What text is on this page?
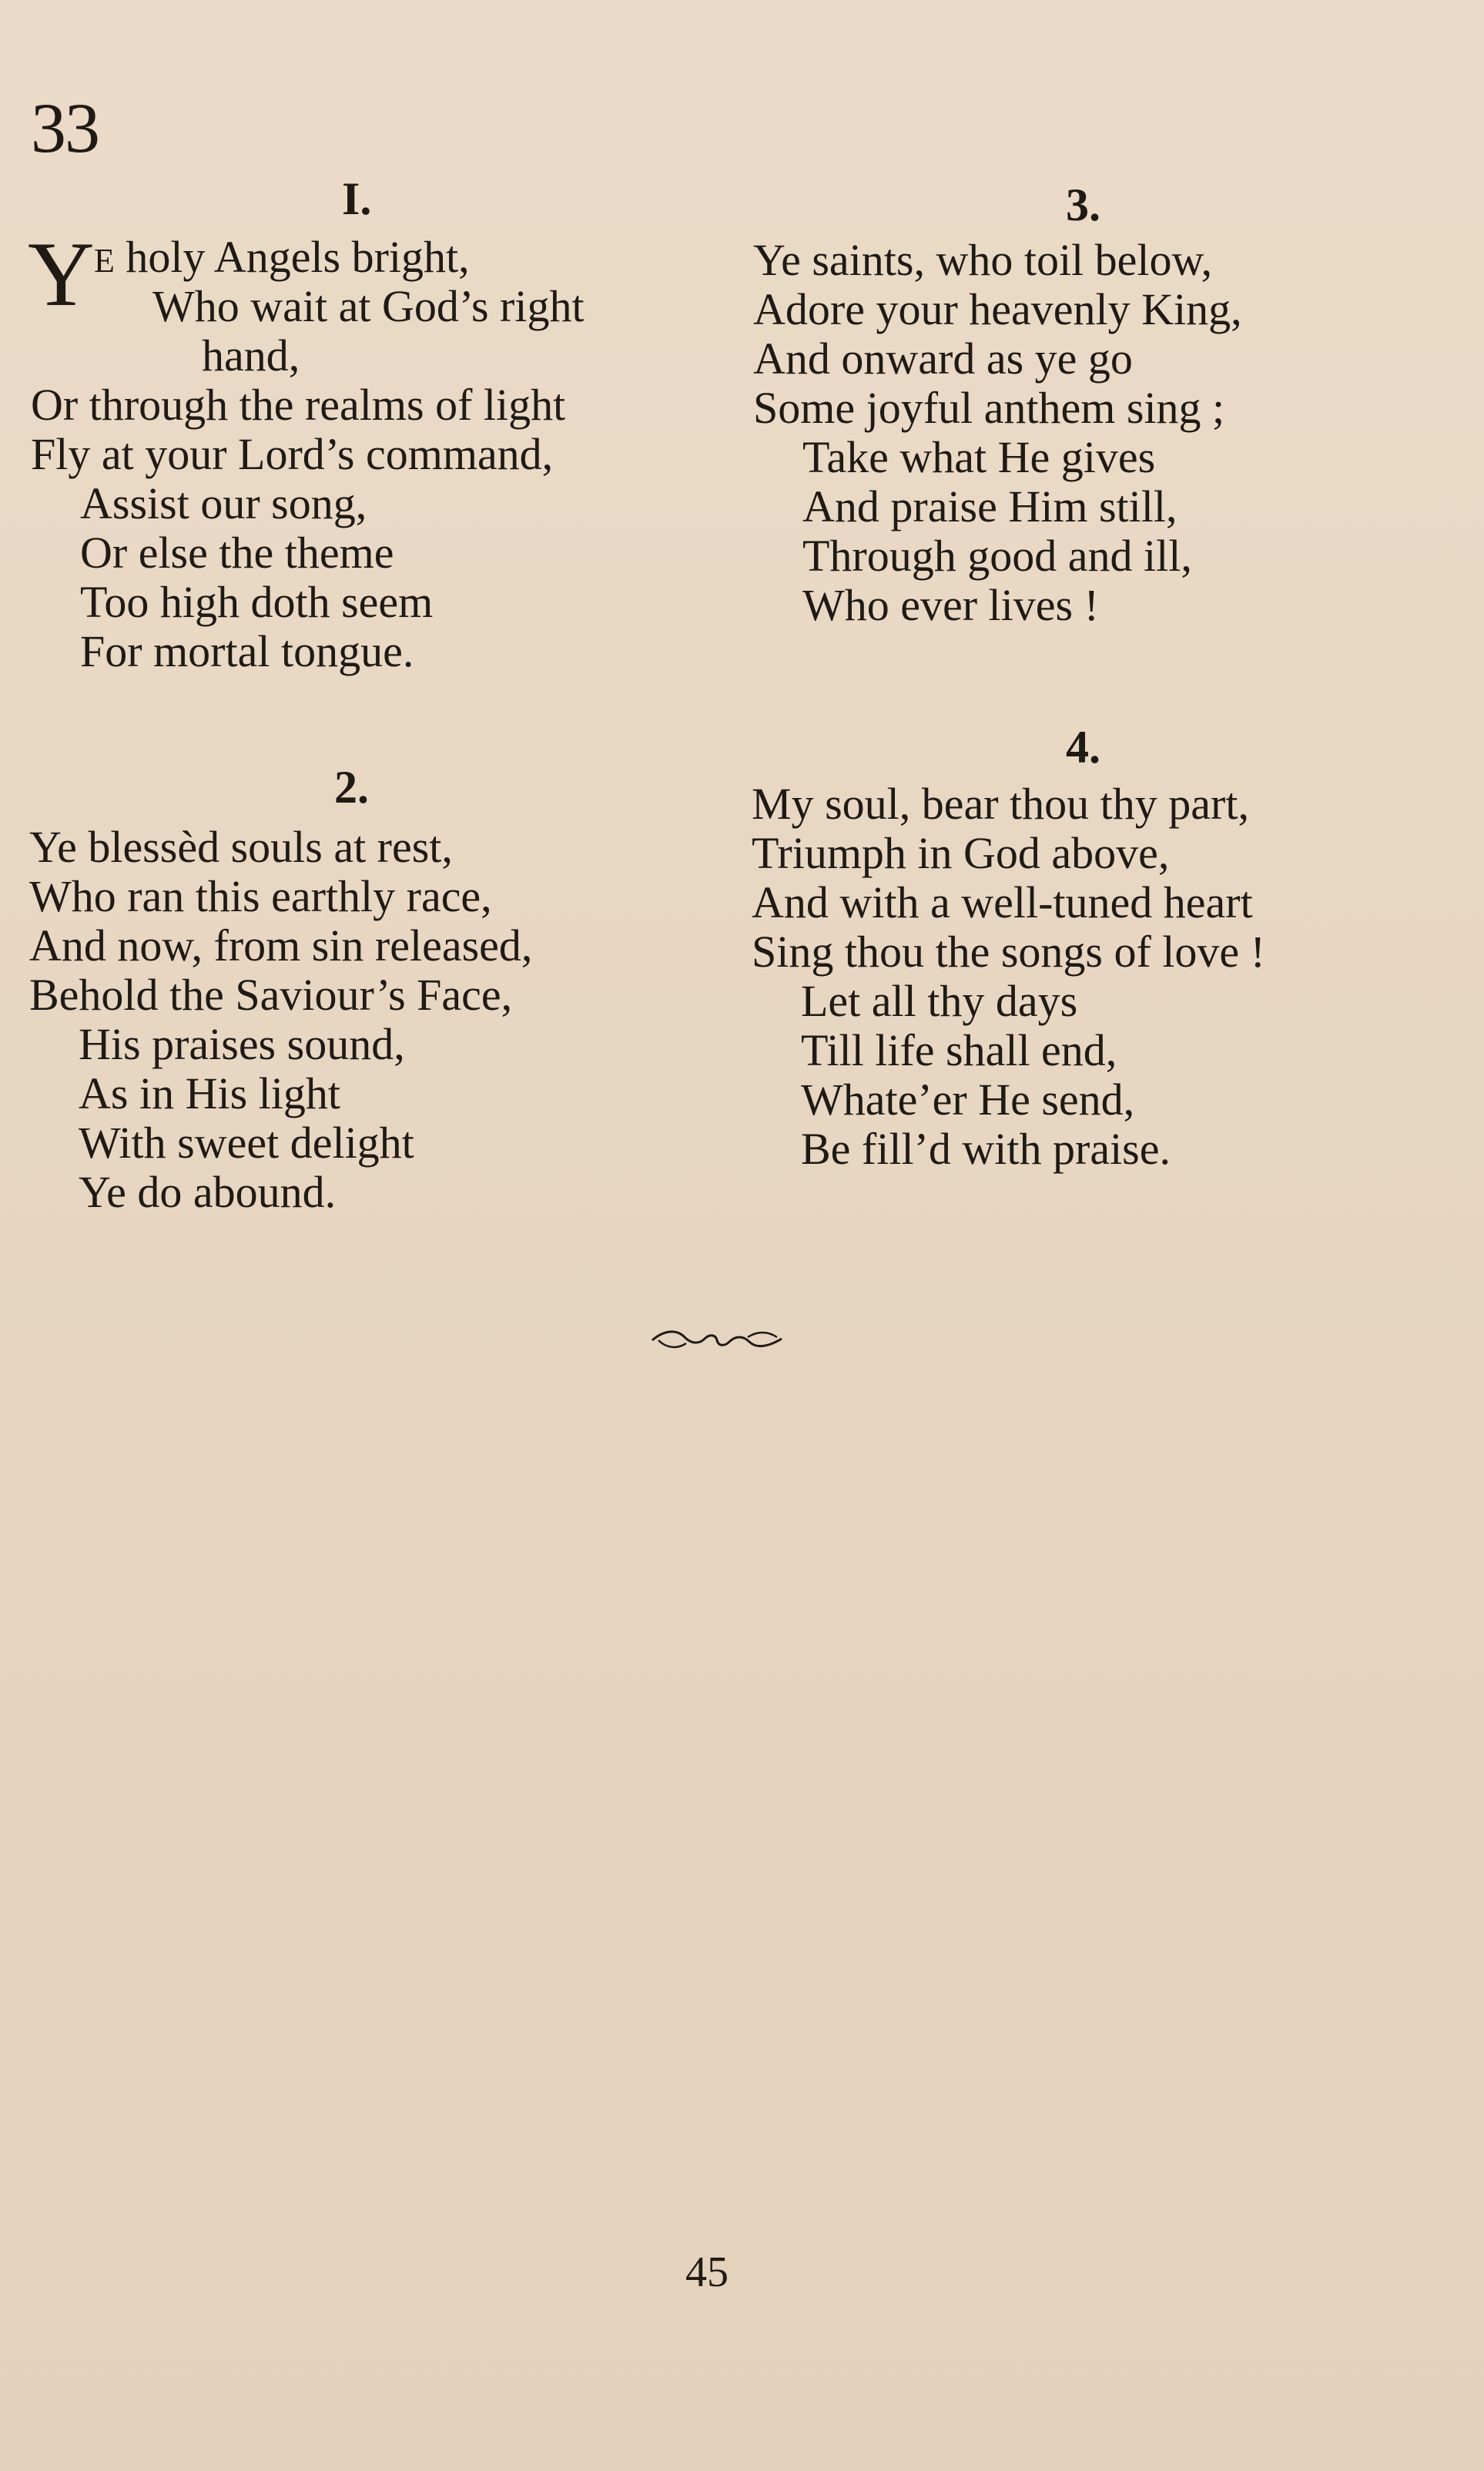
33
I.
Y E holy Angels bright,
Who wait at God’s right
hand,
Or through the realms of light
Fly at your Lord’s command,
Assist our song,
Or else the theme
Too high doth seem
For mortal tongue.
2.
Ye blessèd souls at rest,
Who ran this earthly race,
And now, from sin released,
Behold the Saviour’s Face,
His praises sound,
As in His light
With sweet delight
Ye do abound.
3.
Ye saints, who toil below,
Adore your heavenly King,
And onward as ye go
Some joyful anthem sing ;
Take what He gives
And praise Him still,
Through good and ill,
Who ever lives !
4.
My soul, bear thou thy part,
Triumph in God above,
And with a well-tuned heart
Sing thou the songs of love !
Let all thy days
Till life shall end,
Whate’er He send,
Be fill’d with praise.
45
